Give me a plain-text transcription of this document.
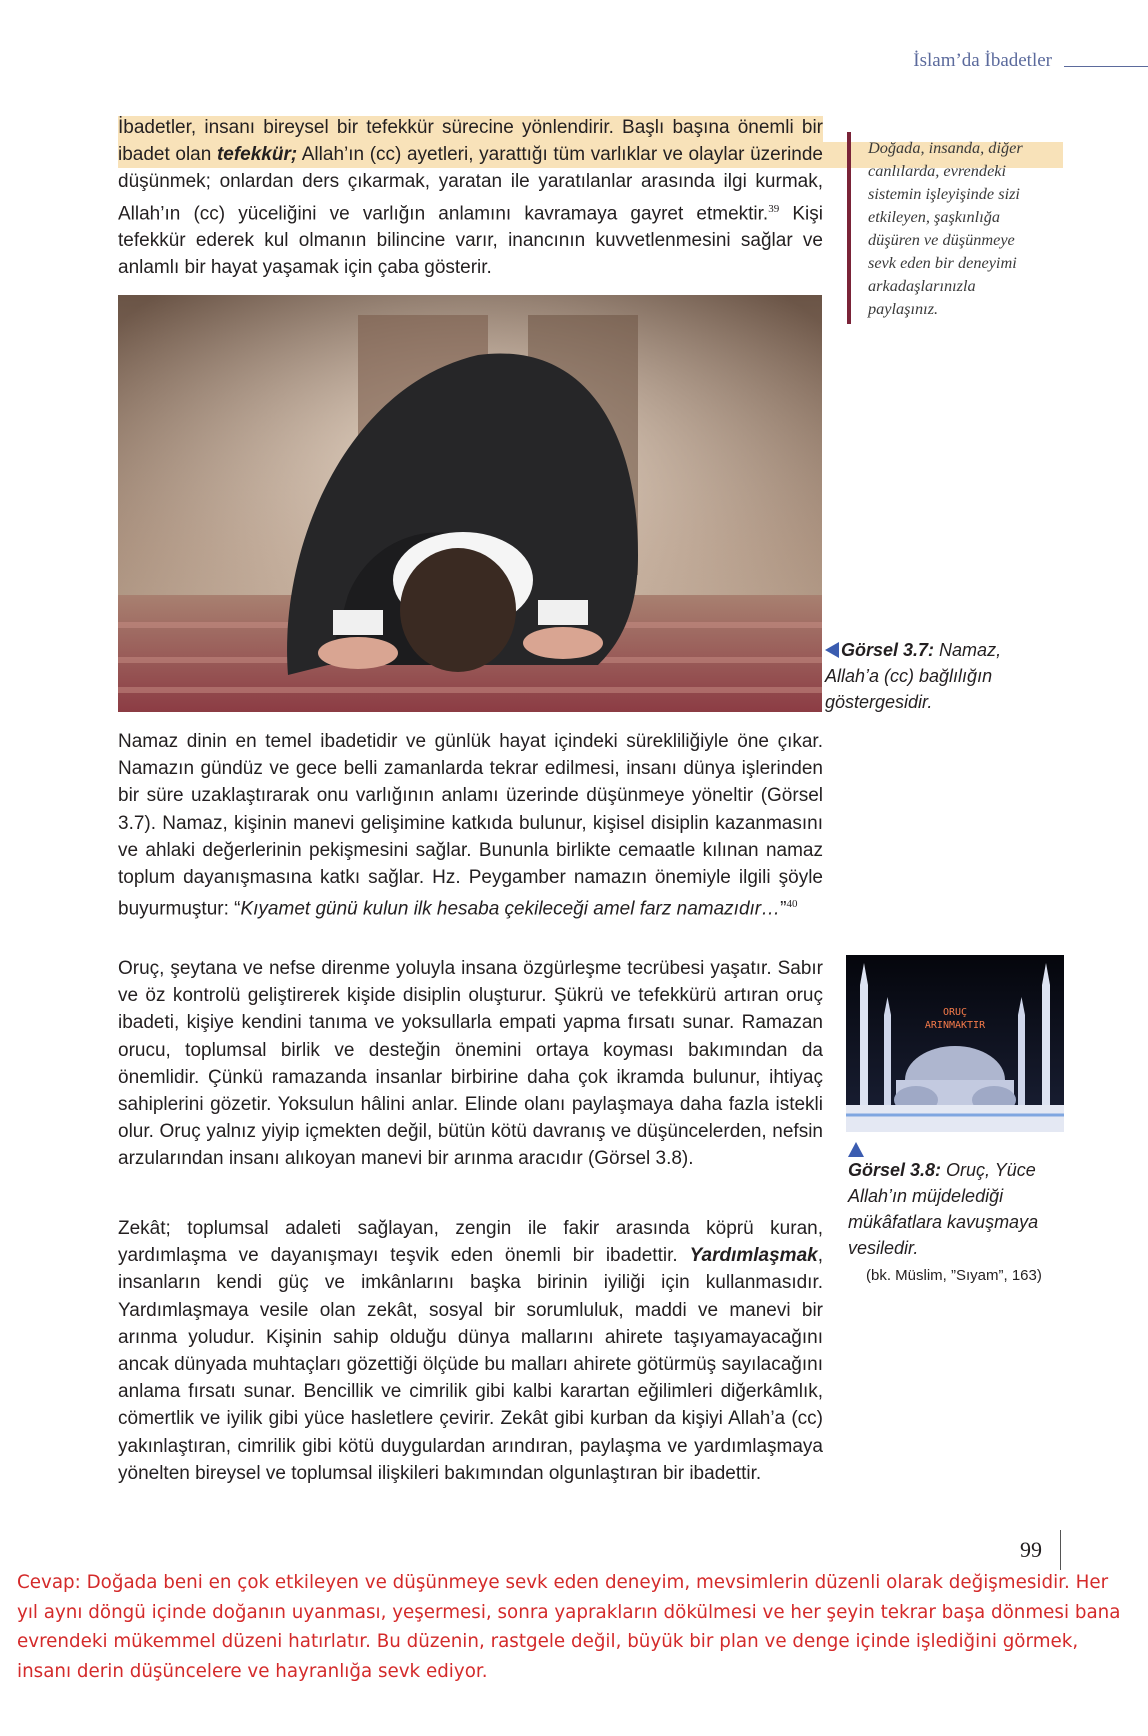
İslam’da İbadetler

İbadetler, insanı bireysel bir tefekkür sürecine yönlendirir. Başlı başına önemli bir ibadet olan tefekkür; Allah’ın (cc) ayetleri, yarattığı tüm varlıklar ve olaylar üzerinde düşünmek; onlardan ders çıkarmak, yaratan ile yaratılanlar arasında ilgi kurmak, Allah’ın (cc) yüceliğini ve varlığın anlamını kavramaya gayret etmektir.$^{39}$ Kişi tefekkür ederek kul olmanın bilincine varır, inancının kuvvetlenmesini sağlar ve anlamlı bir hayat yaşamak için çaba gösterir.

Doğada, insanda, diğer canlılarda, evrendeki sistemin işleyişinde sizi etkileyen, şaşkınlığa düşüren ve düşünmeye sevk eden bir deneyimi arkadaşlarınızla paylaşınız.
Görsel 3.7: Namaz,
Allah’a (cc) bağlılığın göstergesidir.

Namaz dinin en temel ibadetidir ve günlük hayat içindeki sürekliliğiyle öne çıkar. Namazın gündüz ve gece belli zamanlarda tekrar edilmesi, insanı dünya işlerinden bir süre uzaklaştırarak onu varlığının anlamı üzerinde düşünmeye yöneltir (Görsel 3.7). Namaz, kişinin manevi gelişimine katkıda bulunur, kişisel disiplin kazanmasını ve ahlaki değerlerinin pekişmesini sağlar. Bununla birlikte cemaatle kılınan namaz toplum dayanışmasına katkı sağlar. Hz. Peygamber namazın önemiyle ilgili şöyle buyurmuştur: “Kıyamet günü kulun ilk hesaba çekileceği amel farz namazıdır…”$^{40}$

Oruç, şeytana ve nefse direnme yoluyla insana özgürleşme tecrübesi yaşatır. Sabır ve öz kontrolü geliştirerek kişide disiplin oluşturur. Şükrü ve tefekkürü artıran oruç ibadeti, kişiye kendini tanıma ve yoksullarla empati yapma fırsatı sunar. Ramazan orucu, toplumsal birlik ve desteğin önemini ortaya koyması bakımından da önemlidir. Çünkü ramazanda insanlar birbirine daha çok ikramda bulunur, ihtiyaç sahiplerini gözetir. Yoksulun hâlini anlar. Elinde olanı paylaşmaya daha fazla istekli olur. Oruç yalnız yiyip içmekten değil, bütün kötü davranış ve düşüncelerden, nefsin arzularından insanı alıkoyan manevi bir arınma aracıdır (Görsel 3.8).

ORUÇ
ARINMAKTIR
Görsel 3.8: Oruç, Yüce Allah’ın müjdelediği mükâfatlara kavuşmaya vesiledir.
(bk. Müslim, ”Sıyam”, 163)

Zekât; toplumsal adaleti sağlayan, zengin ile fakir arasında köprü kuran, yardımlaşma ve dayanışmayı teşvik eden önemli bir ibadettir. Yardımlaşmak, insanların kendi güç ve imkânlarını başka birinin iyiliği için kullanmasıdır. Yardımlaşmaya vesile olan zekât, sosyal bir sorumluluk, maddi ve manevi bir arınma yoludur. Kişinin sahip olduğu dünya mallarını ahirete taşıyamayacağını ancak dünyada muhtaçları gözettiği ölçüde bu malları ahirete götürmüş sayılacağını anlama fırsatı sunar. Bencillik ve cimrilik gibi kalbi karartan eğilimleri diğerkâmlık, cömertlik ve iyilik gibi yüce hasletlere çevirir. Zekât gibi kurban da kişiyi Allah’a (cc) yakınlaştıran, cimrilik gibi kötü duygulardan arındıran, paylaşma ve yardımlaşmaya yönelten bireysel ve toplumsal ilişkileri bakımından olgunlaştıran bir ibadettir.

99

Cevap: Doğada beni en çok etkileyen ve düşünmeye sevk eden deneyim, mevsimlerin düzenli olarak değişmesidir. Her yıl aynı döngü içinde doğanın uyanması, yeşermesi, sonra yaprakların dökülmesi ve her şeyin tekrar başa dönmesi bana evrendeki mükemmel düzeni hatırlatır. Bu düzenin, rastgele değil, büyük bir plan ve denge içinde işlediğini görmek, insanı derin düşüncelere ve hayranlığa sevk ediyor.
